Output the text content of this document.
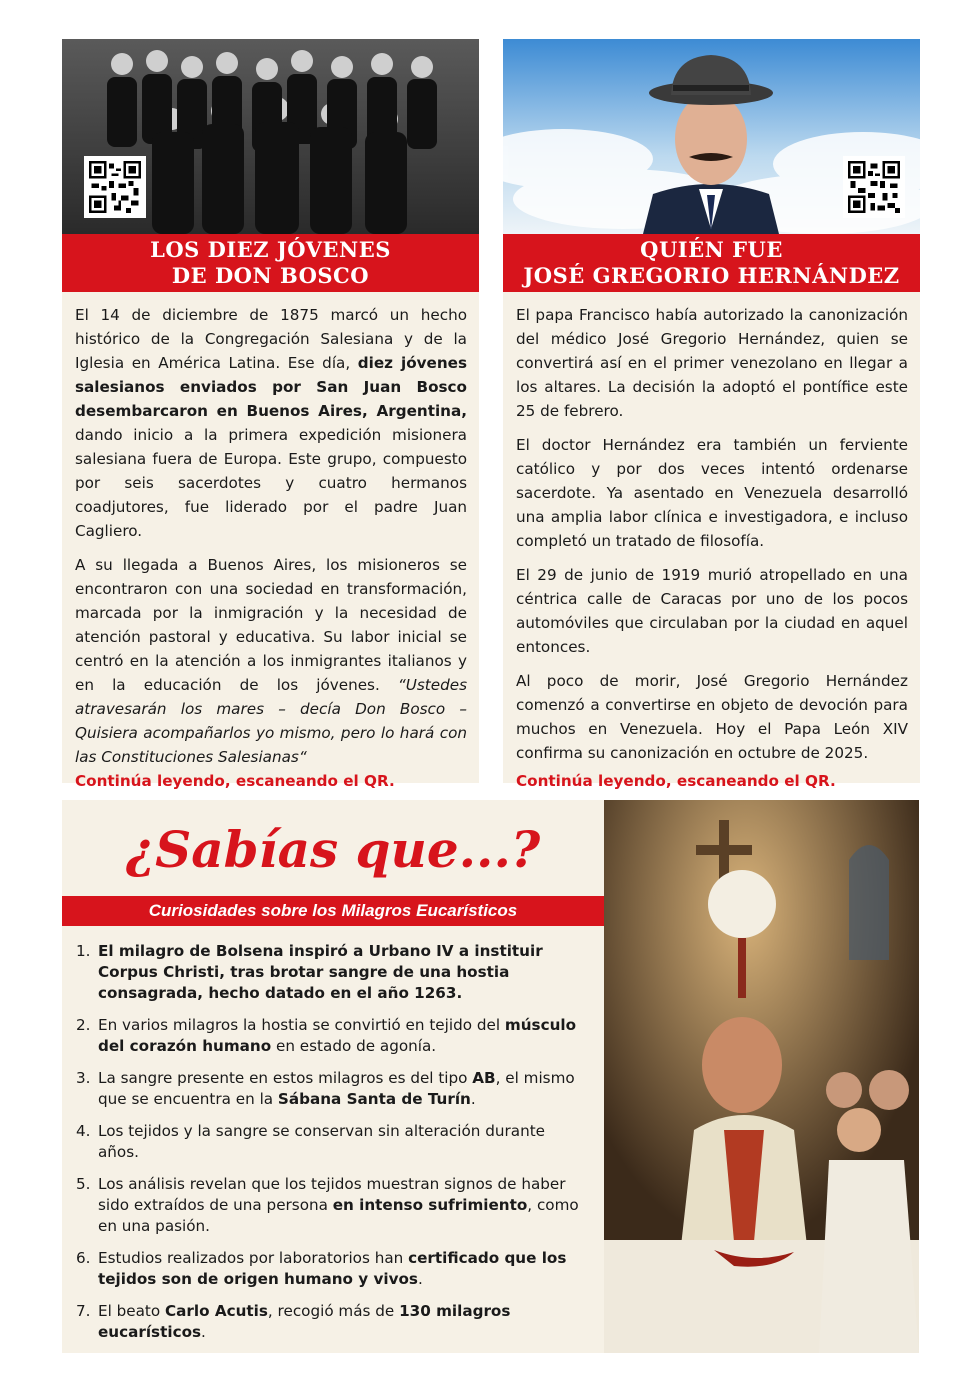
LOS DIEZ JÓVENES
DE DON BOSCO

El 14 de diciembre de 1875 marcó un hecho histórico de la Congregación Salesiana y de la Iglesia en América Latina. Ese día, diez jóvenes salesianos enviados por San Juan Bosco desembarcaron en Buenos Aires, Argentina, dando inicio a la primera expedición misionera salesiana fuera de Europa. Este grupo, compuesto por seis sacerdotes y cuatro hermanos coadjutores, fue liderado por el padre Juan Cagliero.

A su llegada a Buenos Aires, los misioneros se encontraron con una sociedad en transformación, marcada por la inmigración y la necesidad de atención pastoral y educativa. Su labor inicial se centró en la atención a los inmigrantes italianos y en la educación de los jóvenes. “Ustedes atravesarán los mares – decía Don Bosco – Quisiera acompañarlos yo mismo, pero lo hará con las Constituciones Salesianas“

Continúa leyendo, escaneando el QR.

QUIÉN FUE
JOSÉ GREGORIO HERNÁNDEZ

El papa Francisco había autorizado la canonización del médico José Gregorio Hernández, quien se convertirá así en el primer venezolano en llegar a los altares. La decisión la adoptó el pontífice este 25 de febrero.

El doctor Hernández era también un ferviente católico y por dos veces intentó ordenarse sacerdote. Ya asentado en Venezuela desarrolló una amplia labor clínica e investigadora, e incluso completó un tratado de filosofía.

El 29 de junio de 1919 murió atropellado en una céntrica calle de Caracas por uno de los pocos automóviles que circulaban por la ciudad en aquel entonces.

Al poco de morir, José Gregorio Hernández comenzó a convertirse en objeto de devoción para muchos en Venezuela. Hoy el Papa León XIV confirma su canonización en octubre de 2025.

Continúa leyendo, escaneando el QR.

¿Sabías que...?
Curiosidades sobre los Milagros Eucarísticos
1. El milagro de Bolsena inspiró a Urbano IV a instituir Corpus Christi, tras brotar sangre de una hostia consagrada, hecho datado en el año 1263.
2. En varios milagros la hostia se convirtió en tejido del músculo del corazón humano en estado de agonía.
3. La sangre presente en estos milagros es del tipo AB, el mismo que se encuentra en la Sábana Santa de Turín.
4. Los tejidos y la sangre se conservan sin alteración durante años.
5. Los análisis revelan que los tejidos muestran signos de haber sido extraídos de una persona en intenso sufrimiento, como en una pasión.
6. Estudios realizados por laboratorios han certificado que los tejidos son de origen humano y vivos.
7. El beato Carlo Acutis, recogió más de 130 milagros eucarísticos.
